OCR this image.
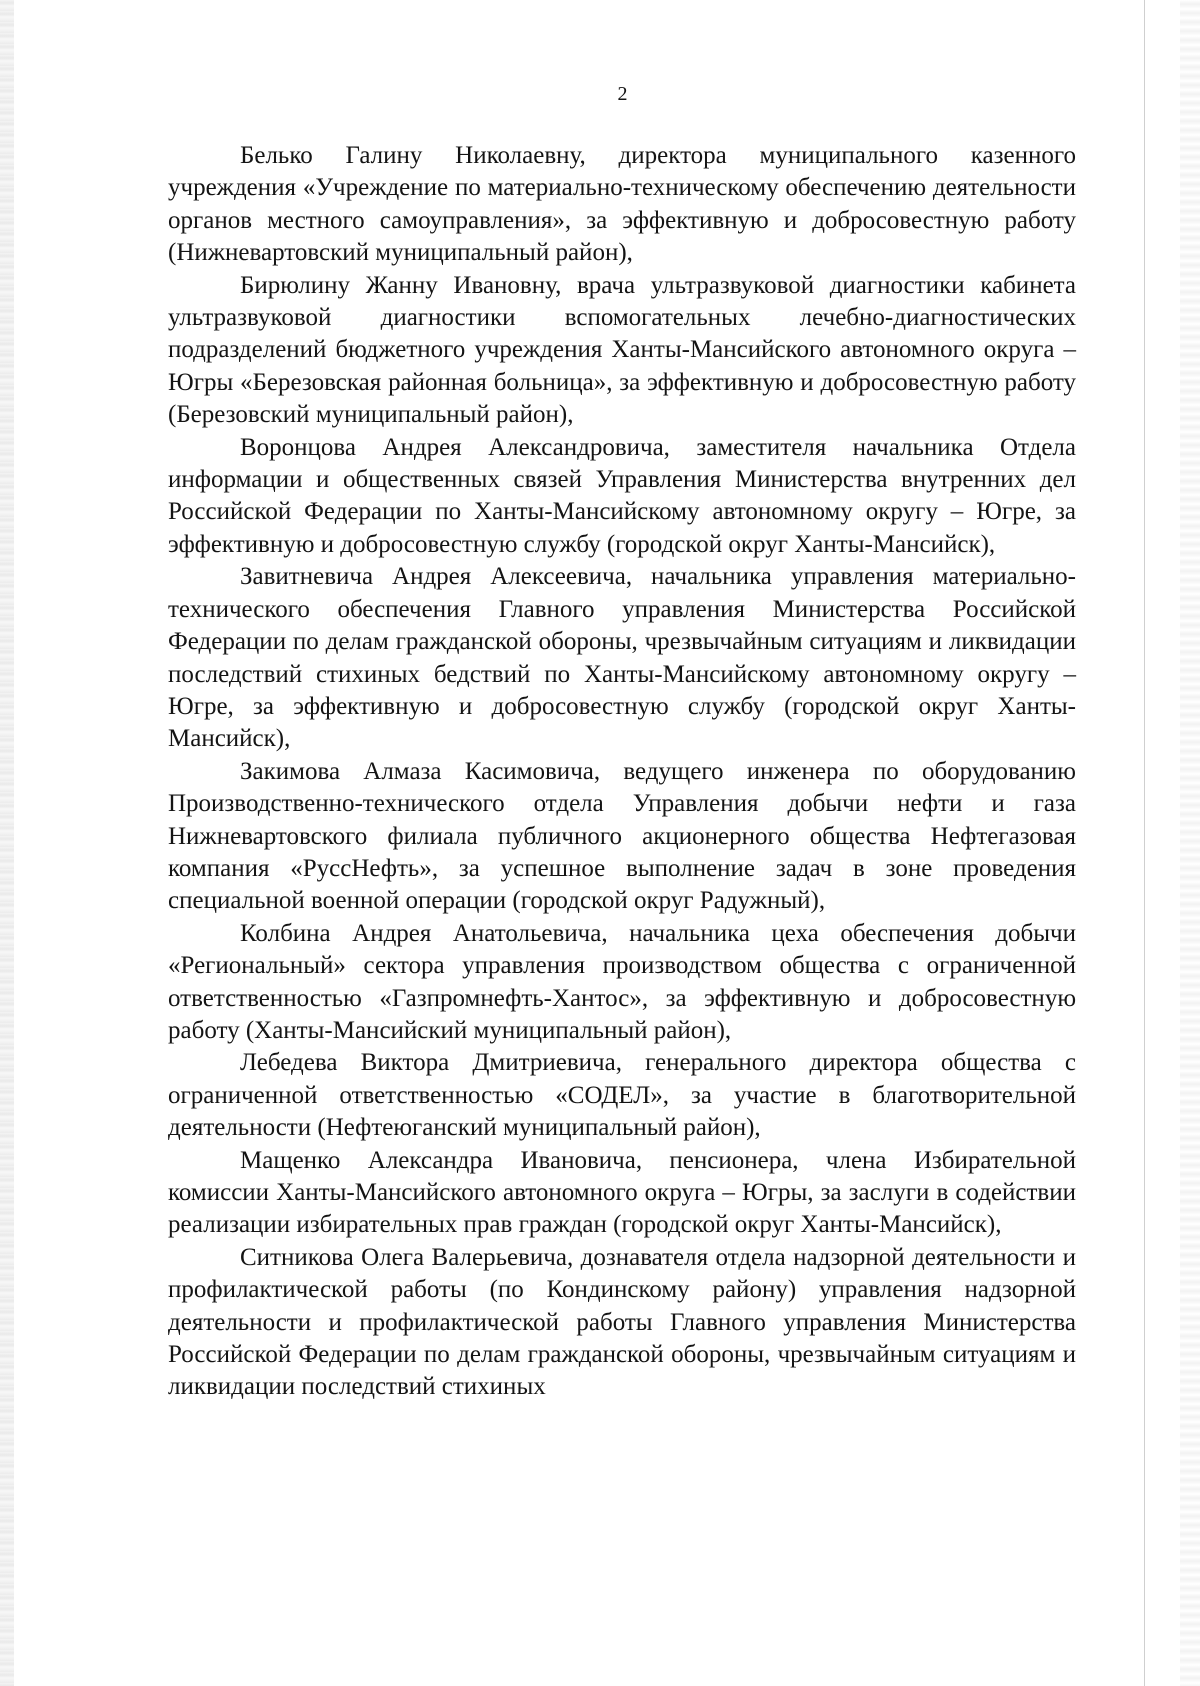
2

Белько Галину Николаевну, директора муниципального казенного учреждения «Учреждение по материально-техническому обеспечению деятельности органов местного самоуправления», за эффективную и добросовестную работу (Нижневартовский муниципальный район),

Бирюлину Жанну Ивановну, врача ультразвуковой диагностики кабинета ультразвуковой диагностики вспомогательных лечебно-диагностических подразделений бюджетного учреждения Ханты-Мансийского автономного округа – Югры «Березовская районная больница», за эффективную и добросовестную работу (Березовский муниципальный район),

Воронцова Андрея Александровича, заместителя начальника Отдела информации и общественных связей Управления Министерства внутренних дел Российской Федерации по Ханты-Мансийскому автономному округу – Югре, за эффективную и добросовестную службу (городской округ Ханты-Мансийск),

Завитневича Андрея Алексеевича, начальника управления материально-технического обеспечения Главного управления Министерства Российской Федерации по делам гражданской обороны, чрезвычайным ситуациям и ликвидации последствий стихиных бедствий по Ханты-Мансийскому автономному округу – Югре, за эффективную и добросовестную службу (городской округ Ханты-Мансийск),

Закимова Алмаза Касимовича, ведущего инженера по оборудованию Производственно-технического отдела Управления добычи нефти и газа Нижневартовского филиала публичного акционерного общества Нефтегазовая компания «РуссНефть», за успешное выполнение задач в зоне проведения специальной военной операции (городской округ Радужный),

Колбина Андрея Анатольевича, начальника цеха обеспечения добычи «Региональный» сектора управления производством общества с ограниченной ответственностью «Газпромнефть-Хантос», за эффективную и добросовестную работу (Ханты-Мансийский муниципальный район),

Лебедева Виктора Дмитриевича, генерального директора общества с ограниченной ответственностью «СОДЕЛ», за участие в благотворительной деятельности (Нефтеюганский муниципальный район),

Мащенко Александра Ивановича, пенсионера, члена Избирательной комиссии Ханты-Мансийского автономного округа – Югры, за заслуги в содействии реализации избирательных прав граждан (городской округ Ханты-Мансийск),

Ситникова Олега Валерьевича, дознавателя отдела надзорной деятельности и профилактической работы (по Кондинскому району) управления надзорной деятельности и профилактической работы Главного управления Министерства Российской Федерации по делам гражданской обороны, чрезвычайным ситуациям и ликвидации последствий стихиных
